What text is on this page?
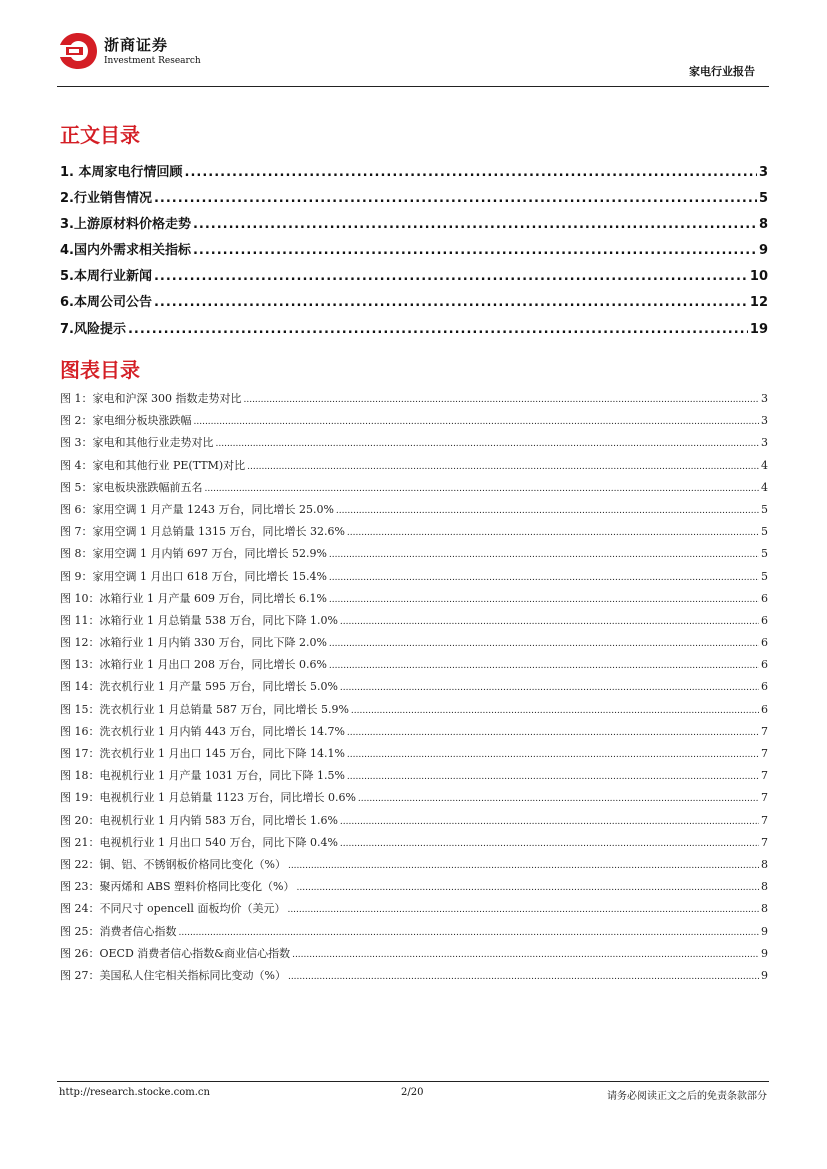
浙商证券
Investment Research
家电行业报告
正文目录
1. 本周家电行情回顾 .....	3
2.行业销售情况 .....	5
3.上游原材料价格走势 .....	8
4.国内外需求相关指标 .....	9
5.本周行业新闻 .....	10
6.本周公司公告 .....	12
7.风险提示 .....	19
图表目录
图 1：家电和沪深 300 指数走势对比 .....	3
图 2：家电细分板块涨跌幅 .....	3
图 3：家电和其他行业走势对比 .....	3
图 4：家电和其他行业 PE(TTM)对比 .....	4
图 5：家电板块涨跌幅前五名 .....	4
图 6：家用空调 1 月产量 1243 万台，同比增长 25.0% .....	5
图 7：家用空调 1 月总销量 1315 万台，同比增长 32.6% .....	5
图 8：家用空调 1 月内销 697 万台，同比增长 52.9% .....	5
图 9：家用空调 1 月出口 618 万台，同比增长 15.4% .....	5
图 10：冰箱行业 1 月产量 609 万台，同比增长 6.1% .....	6
图 11：冰箱行业 1 月总销量 538 万台，同比下降 1.0% .....	6
图 12：冰箱行业 1 月内销 330 万台，同比下降 2.0% .....	6
图 13：冰箱行业 1 月出口 208 万台，同比增长 0.6% .....	6
图 14：洗衣机行业 1 月产量 595 万台，同比增长 5.0% .....	6
图 15：洗衣机行业 1 月总销量 587 万台，同比增长 5.9% .....	6
图 16：洗衣机行业 1 月内销 443 万台，同比增长 14.7% .....	7
图 17：洗衣机行业 1 月出口 145 万台，同比下降 14.1% .....	7
图 18：电视机行业 1 月产量 1031 万台，同比下降 1.5% .....	7
图 19：电视机行业 1 月总销量 1123 万台，同比增长 0.6% .....	7
图 20：电视机行业 1 月内销 583 万台，同比增长 1.6% .....	7
图 21：电视机行业 1 月出口 540 万台，同比下降 0.4% .....	7
图 22：铜、铝、不锈钢板价格同比变化（%） .....	8
图 23：聚丙烯和 ABS 塑料价格同比变化（%） .....	8
图 24：不同尺寸 opencell 面板均价（美元） .....	8
图 25：消费者信心指数 .....	9
图 26：OECD 消费者信心指数&商业信心指数 .....	9
图 27：美国私人住宅相关指标同比变动（%） .....	9
http://research.stocke.com.cn	2/20	请务必阅读正文之后的免责条款部分
